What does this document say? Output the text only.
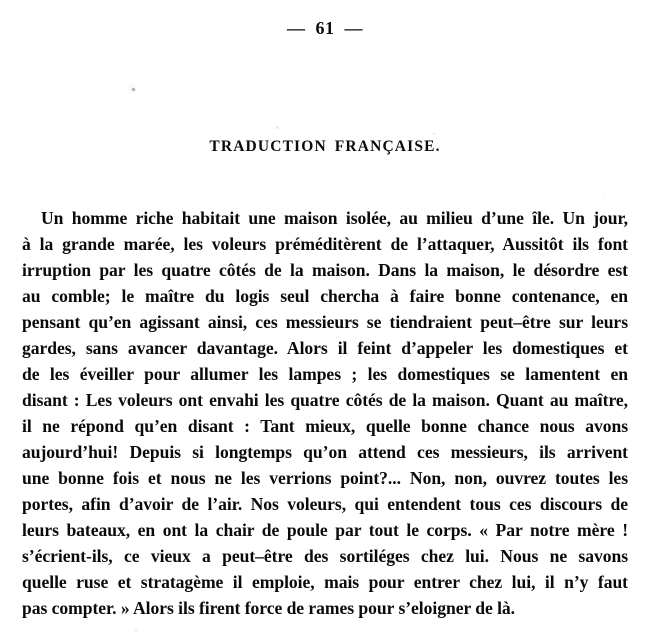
—  61  —
TRADUCTION FRANÇAISE.
Un homme riche habitait une maison isolée, au milieu d’une île. Un jour,
à la grande marée, les voleurs préméditèrent de l’attaquer, Aussitôt ils font
irruption par les quatre côtés de la maison. Dans la maison, le désordre est
au comble; le maître du logis seul chercha à faire bonne contenance, en
pensant qu’en agissant ainsi, ces messieurs se tiendraient peut–être sur leurs
gardes, sans avancer davantage. Alors il feint d’appeler les domestiques et
de les éveiller pour allumer les lampes ; les domestiques se lamentent en
disant : Les voleurs ont envahi les quatre côtés de la maison. Quant au maître,
il ne répond qu’en disant : Tant mieux, quelle bonne chance nous avons
aujourd’hui! Depuis si longtemps qu’on attend ces messieurs, ils arrivent
une bonne fois et nous ne les verrions point?... Non, non, ouvrez toutes les
portes, afin d’avoir de l’air. Nos voleurs, qui entendent tous ces discours de
leurs bateaux, en ont la chair de poule par tout le corps. « Par notre mère !
s’écrient-ils, ce vieux a peut–être des sortiléges chez lui. Nous ne savons
quelle ruse et stratagème il emploie, mais pour entrer chez lui, il n’y faut
pas compter. » Alors ils firent force de rames pour s’eloigner de là.
